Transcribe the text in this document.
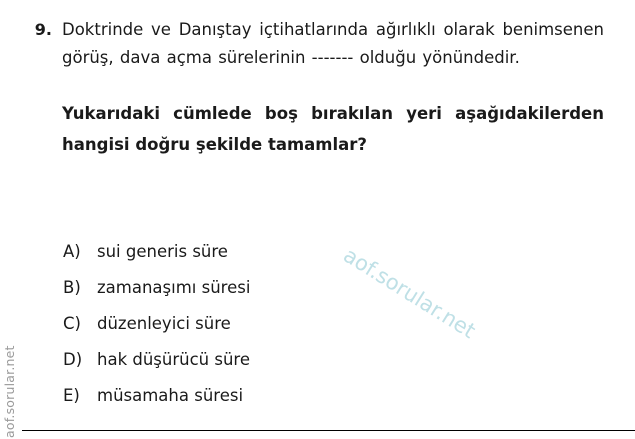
aof.sorular.net
aof.sorular.net
9. Doktrinde ve Danıştay içtihatlarında ağırlıklı olarak benimsenen görüş, dava açma sürelerinin ------- olduğu yönündedir.
Yukarıdaki cümlede boş bırakılan yeri aşağıdakilerden hangisi doğru şekilde tamamlar?
A) sui generis süre
B) zamanaşımı süresi
C) düzenleyici süre
D) hak düşürücü süre
E)	müsamaha süresi
